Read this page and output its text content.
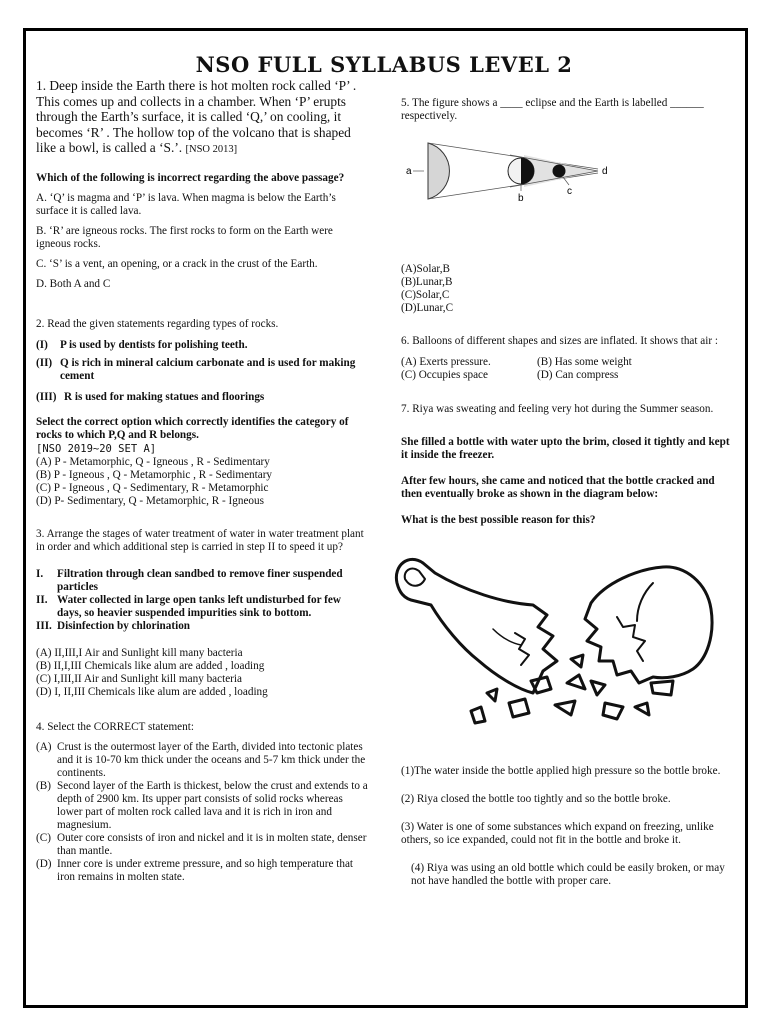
NSO FULL SYLLABUS LEVEL 2

1. Deep inside the Earth there is hot molten rock called ‘P’ . This comes up and collects in a chamber. When ‘P’ erupts through the Earth’s surface, it is called ‘Q,’ on cooling, it becomes ‘R’ . The hollow top of the volcano that is shaped like a bowl, is called a ‘S.’. [NSO 2013]

Which of the following is incorrect regarding the above passage?

A. ‘Q’ is magma and ‘P’ is lava. When magma is below the Earth’s surface it is called lava.

B. ‘R’ are igneous rocks. The first rocks to form on the Earth were igneous rocks.

C. ‘S’ is a vent, an opening, or a crack in the crust of the Earth.

D. Both A and C

2. Read the given statements regarding types of rocks.

(I)	P is used by dentists for polishing teeth.
(II) Q is rich in mineral calcium carbonate and is used for making cement
(III) R is used for making statues and floorings

Select the correct option which correctly identifies the category of rocks to which P,Q and R belongs.

[NSO 2019~20 SET A]

(A) P - Metamorphic, Q - Igneous , R - Sedimentary

(B) P - Igneous , Q - Metamorphic , R - Sedimentary

(C) P - Igneous , Q - Sedimentary, R - Metamorphic

(D) P- Sedimentary, Q - Metamorphic, R - Igneous

3. Arrange the stages of water treatment of water in water treatment plant in order and which additional step is carried in step II to speed it up?

I.	Filtration through clean sandbed to remove finer suspended particles
II. Water collected in large open tanks left undisturbed for few days, so heavier suspended impurities sink to bottom.
III. Disinfection by chlorination

(A) II,III,I Air and Sunlight kill many bacteria

(B) II,I,III Chemicals like alum are added , loading

(C) I,III,II Air and Sunlight kill many bacteria

(D) I, II,III Chemicals like alum are added , loading

4. Select the CORRECT statement:

(A) Crust is the outermost layer of the Earth, divided into tectonic plates and it is 10-70 km thick under the oceans and 5-7 km thick under the continents.
(B) Second layer of the Earth is thickest, below the crust and extends to a depth of 2900 km. Its upper part consists of solid rocks whereas lower part of molten rock called lava and it is rich in iron and magnesium.
(C) Outer core consists of iron and nickel and it is in molten state, denser than mantle.
(D) Inner core is under extreme pressure, and so high temperature that iron remains in molten state.

5. The figure shows a ____ eclipse and the Earth is labelled ______ respectively.

a
b
c
d

(A)Solar,B

(B)Lunar,B

(C)Solar,C

(D)Lunar,C

6. Balloons of different shapes and sizes are inflated. It shows that air :

(A) Exerts pressure.	(B) Has some weight
(C) Occupies space	(D) Can compress

7. Riya was sweating and feeling very hot during the Summer season.

She filled a bottle with water upto the brim, closed it tightly and kept it inside the freezer.

After few hours, she came and noticed that the bottle cracked and then eventually broke as shown in the diagram below:

What is the best possible reason for this?

(1)The water inside the bottle applied high pressure so the bottle broke.

(2) Riya closed the bottle too tightly and so the bottle broke.

(3) Water is one of some substances which expand on freezing, unlike others, so ice expanded, could not fit in the bottle and broke it.

(4) Riya was using an old bottle which could be easily broken, or may not have handled the bottle with proper care.
